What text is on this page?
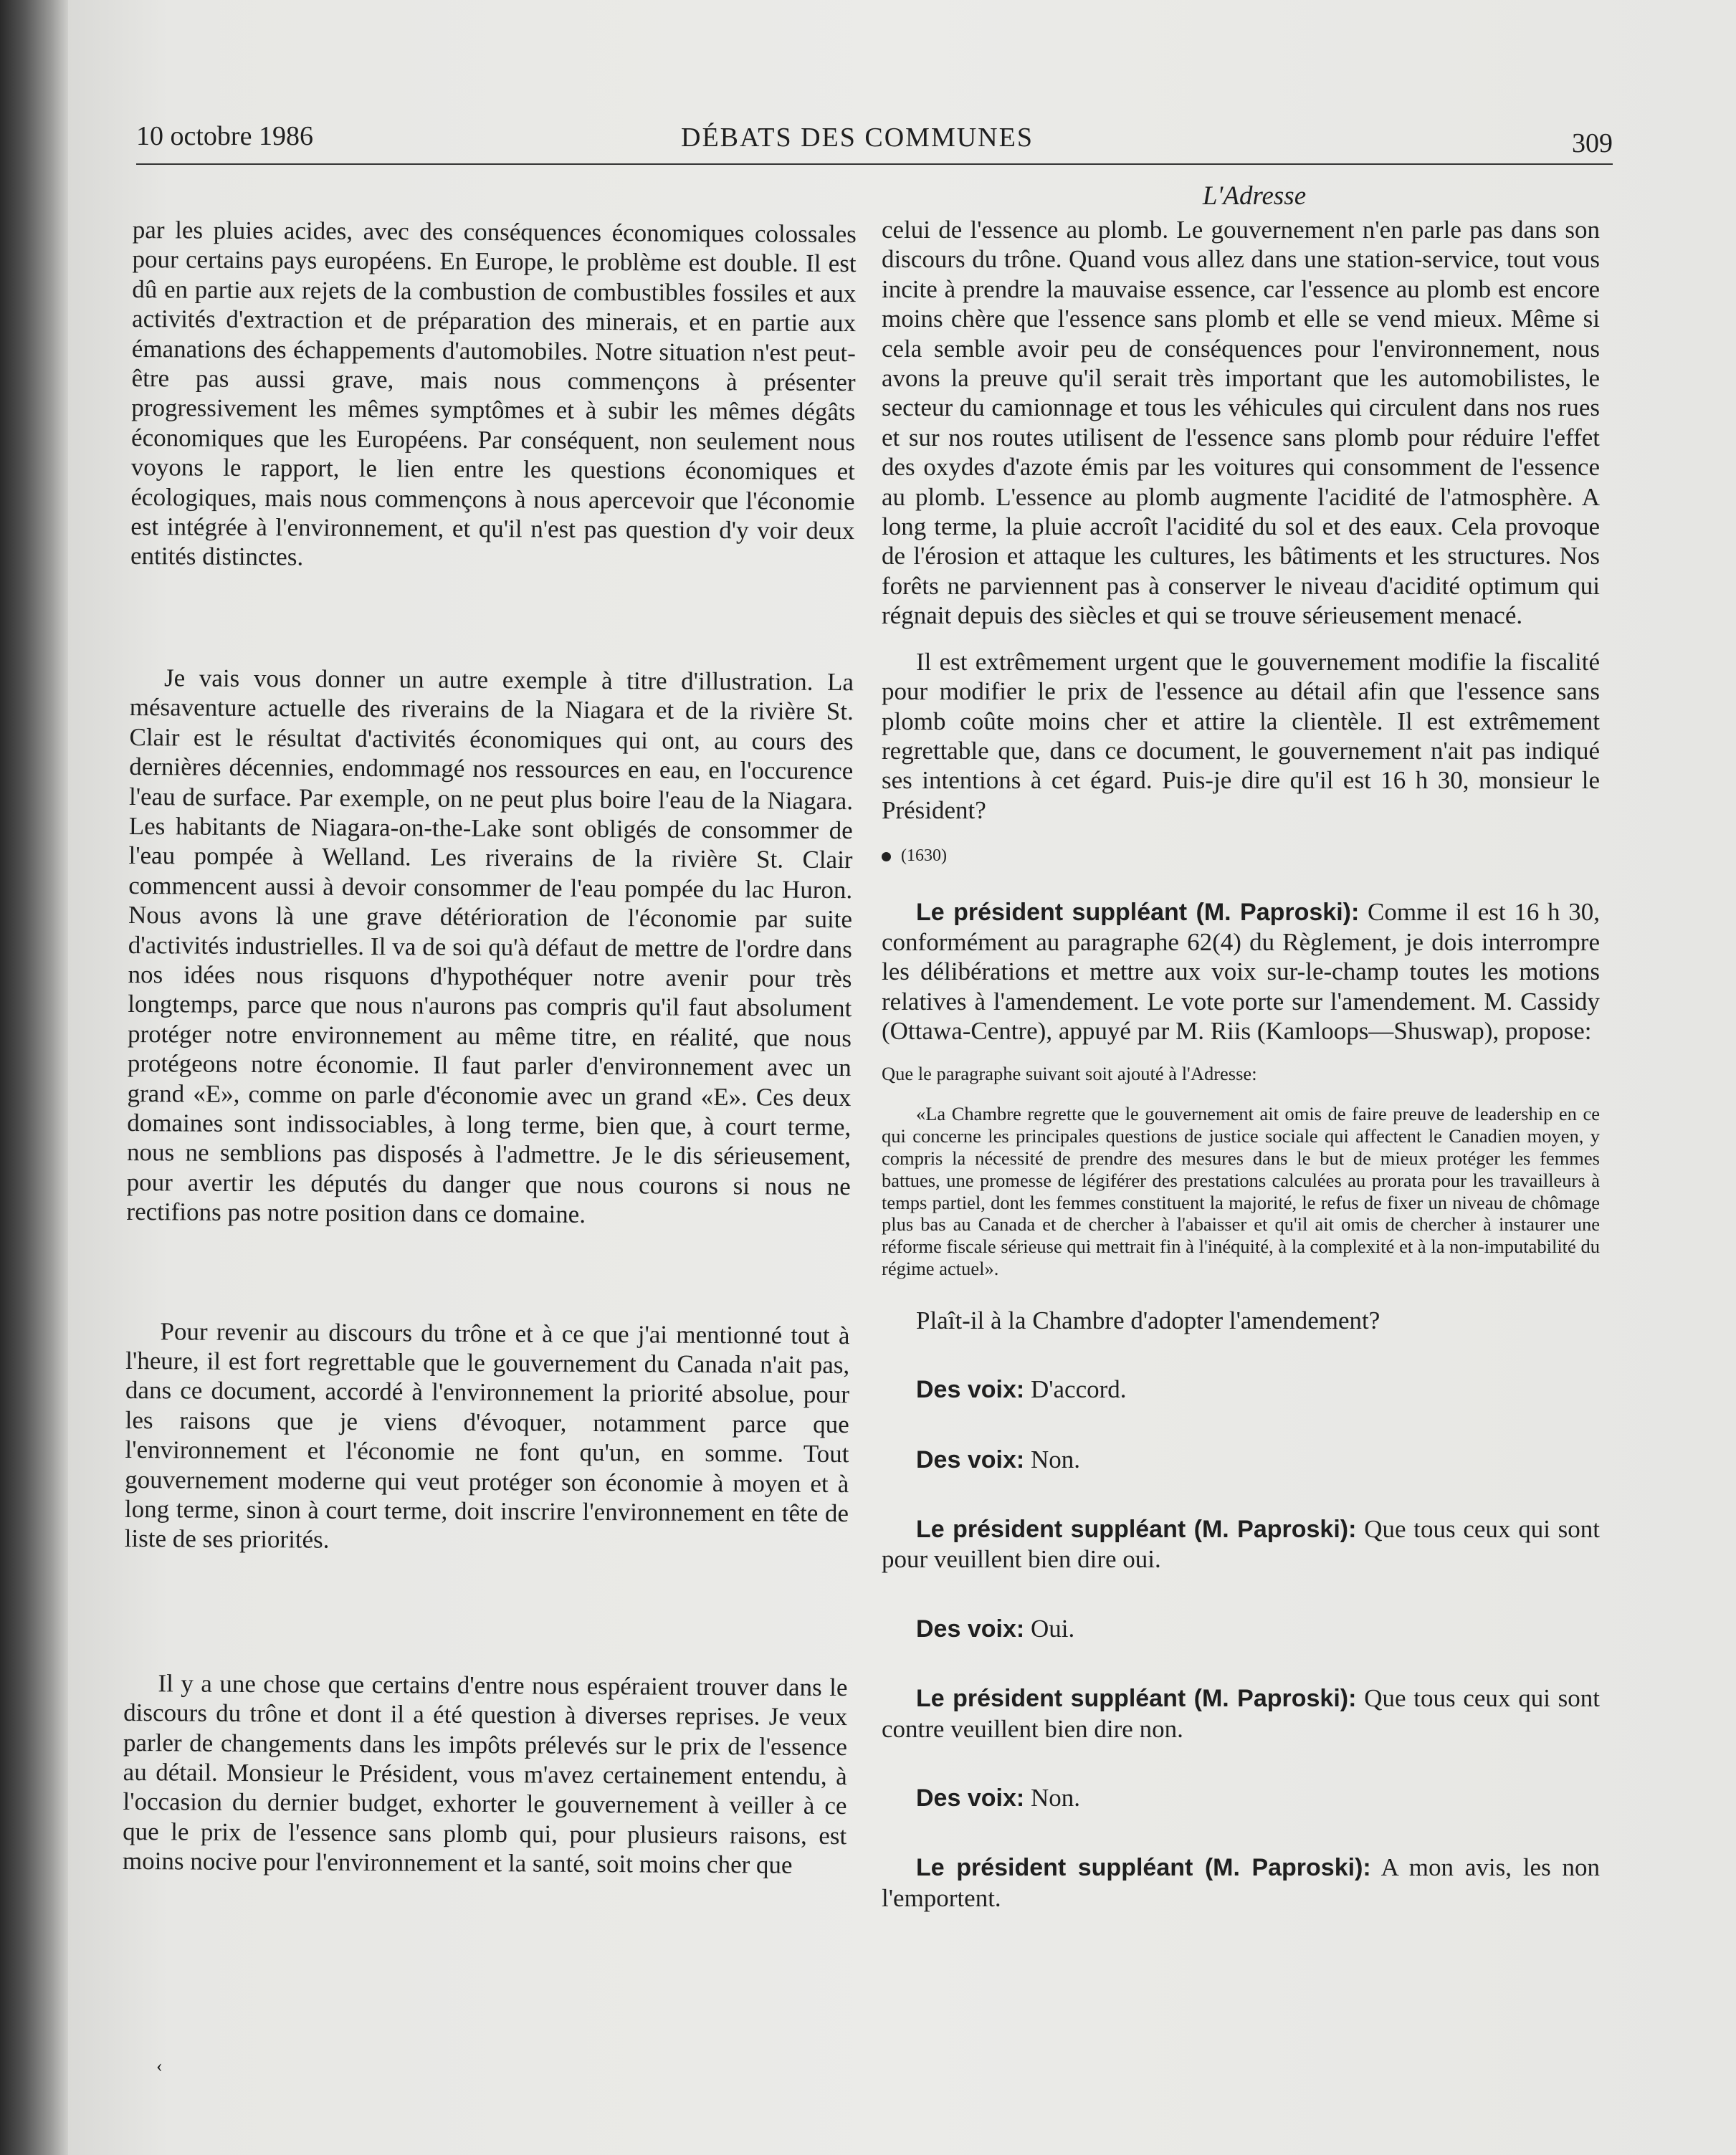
10 octobre 1986	DÉBATS DES COMMUNES	309
L'Adresse

par les pluies acides, avec des conséquences économiques colossales pour certains pays européens. En Europe, le problème est double. Il est dû en partie aux rejets de la combustion de combustibles fossiles et aux activités d'extraction et de préparation des minerais, et en partie aux émanations des échappements d'automobiles. Notre situation n'est peut-être pas aussi grave, mais nous commençons à présenter progressivement les mêmes symptômes et à subir les mêmes dégâts économiques que les Européens. Par conséquent, non seulement nous voyons le rapport, le lien entre les questions économiques et écologiques, mais nous commençons à nous apercevoir que l'économie est intégrée à l'environnement, et qu'il n'est pas question d'y voir deux entités distinctes.

Je vais vous donner un autre exemple à titre d'illustration. La mésaventure actuelle des riverains de la Niagara et de la rivière St. Clair est le résultat d'activités économiques qui ont, au cours des dernières décennies, endommagé nos ressources en eau, en l'occurence l'eau de surface. Par exemple, on ne peut plus boire l'eau de la Niagara. Les habitants de Niagara-on-the-Lake sont obligés de consommer de l'eau pompée à Welland. Les riverains de la rivière St. Clair commencent aussi à devoir consommer de l'eau pompée du lac Huron. Nous avons là une grave détérioration de l'économie par suite d'activités industrielles. Il va de soi qu'à défaut de mettre de l'ordre dans nos idées nous risquons d'hypothéquer notre avenir pour très longtemps, parce que nous n'aurons pas compris qu'il faut absolument protéger notre environnement au même titre, en réalité, que nous protégeons notre économie. Il faut parler d'environnement avec un grand «E», comme on parle d'économie avec un grand «E». Ces deux domaines sont indissociables, à long terme, bien que, à court terme, nous ne semblions pas disposés à l'admettre. Je le dis sérieusement, pour avertir les députés du danger que nous courons si nous ne rectifions pas notre position dans ce domaine.

Pour revenir au discours du trône et à ce que j'ai mentionné tout à l'heure, il est fort regrettable que le gouvernement du Canada n'ait pas, dans ce document, accordé à l'environnement la priorité absolue, pour les raisons que je viens d'évoquer, notamment parce que l'environnement et l'économie ne font qu'un, en somme. Tout gouvernement moderne qui veut protéger son économie à moyen et à long terme, sinon à court terme, doit inscrire l'environnement en tête de liste de ses priorités.

Il y a une chose que certains d'entre nous espéraient trouver dans le discours du trône et dont il a été question à diverses reprises. Je veux parler de changements dans les impôts prélevés sur le prix de l'essence au détail. Monsieur le Président, vous m'avez certainement entendu, à l'occasion du dernier budget, exhorter le gouvernement à veiller à ce que le prix de l'essence sans plomb qui, pour plusieurs raisons, est moins nocive pour l'environnement et la santé, soit moins cher que

‹

celui de l'essence au plomb. Le gouvernement n'en parle pas dans son discours du trône. Quand vous allez dans une station-service, tout vous incite à prendre la mauvaise essence, car l'essence au plomb est encore moins chère que l'essence sans plomb et elle se vend mieux. Même si cela semble avoir peu de conséquences pour l'environnement, nous avons la preuve qu'il serait très important que les automobilistes, le secteur du camionnage et tous les véhicules qui circulent dans nos rues et sur nos routes utilisent de l'essence sans plomb pour réduire l'effet des oxydes d'azote émis par les voitures qui consomment de l'essence au plomb. L'essence au plomb augmente l'acidité de l'atmosphère. A long terme, la pluie accroît l'acidité du sol et des eaux. Cela provoque de l'érosion et attaque les cultures, les bâtiments et les structures. Nos forêts ne parviennent pas à conserver le niveau d'acidité optimum qui régnait depuis des siècles et qui se trouve sérieusement menacé.

Il est extrêmement urgent que le gouvernement modifie la fiscalité pour modifier le prix de l'essence au détail afin que l'essence sans plomb coûte moins cher et attire la clientèle. Il est extrêmement regrettable que, dans ce document, le gouvernement n'ait pas indiqué ses intentions à cet égard. Puis-je dire qu'il est 16 h 30, monsieur le Président?

(1630)

Le président suppléant (M. Paproski): Comme il est 16 h 30, conformément au paragraphe 62(4) du Règlement, je dois interrompre les délibérations et mettre aux voix sur-le-champ toutes les motions relatives à l'amendement. Le vote porte sur l'amendement. M. Cassidy (Ottawa-Centre), appuyé par M. Riis (Kamloops—Shuswap), propose:

Que le paragraphe suivant soit ajouté à l'Adresse:

«La Chambre regrette que le gouvernement ait omis de faire preuve de leadership en ce qui concerne les principales questions de justice sociale qui affectent le Canadien moyen, y compris la nécessité de prendre des mesures dans le but de mieux protéger les femmes battues, une promesse de légiférer des prestations calculées au prorata pour les travailleurs à temps partiel, dont les femmes constituent la majorité, le refus de fixer un niveau de chômage plus bas au Canada et de chercher à l'abaisser et qu'il ait omis de chercher à instaurer une réforme fiscale sérieuse qui mettrait fin à l'inéquité, à la complexité et à la non-imputabilité du régime actuel».

Plaît-il à la Chambre d'adopter l'amendement?

Des voix: D'accord.

Des voix: Non.

Le président suppléant (M. Paproski): Que tous ceux qui sont pour veuillent bien dire oui.

Des voix: Oui.

Le président suppléant (M. Paproski): Que tous ceux qui sont contre veuillent bien dire non.

Des voix: Non.

Le président suppléant (M. Paproski): A mon avis, les non l'emportent.
